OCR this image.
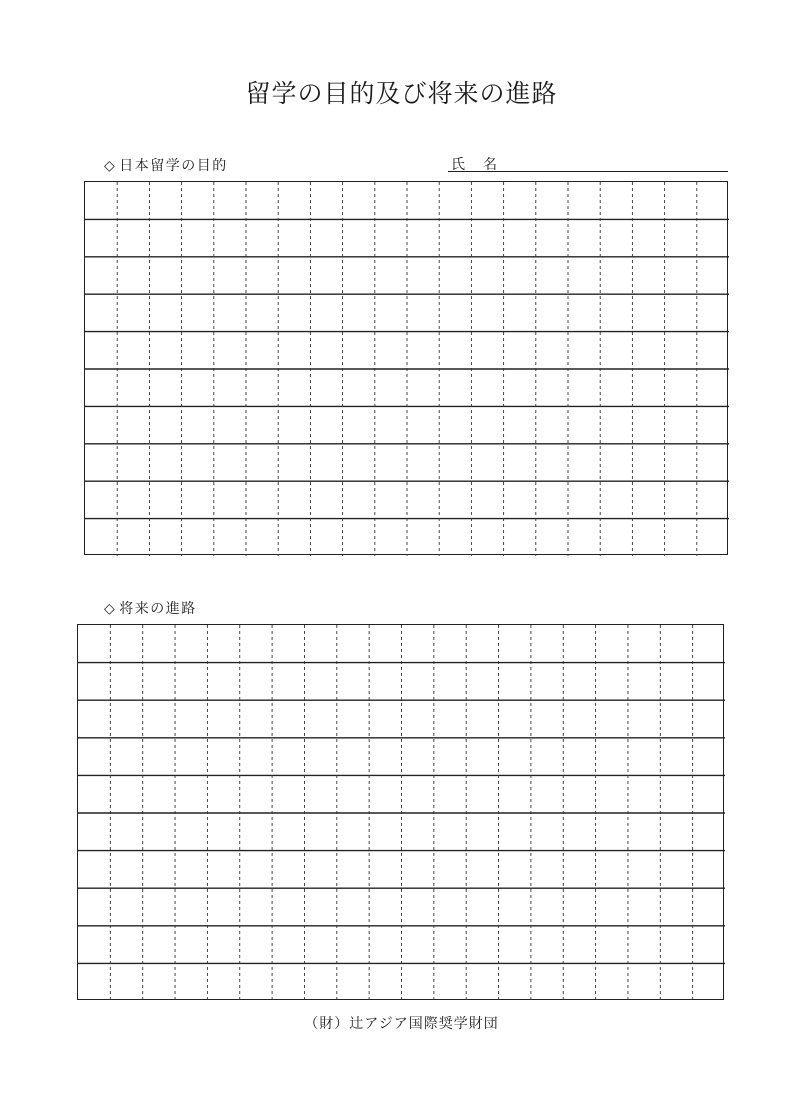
留学の目的及び将来の進路
◇ 日本留学の目的	氏名
◇ 将来の進路
（財）辻アジア国際奨学財団
